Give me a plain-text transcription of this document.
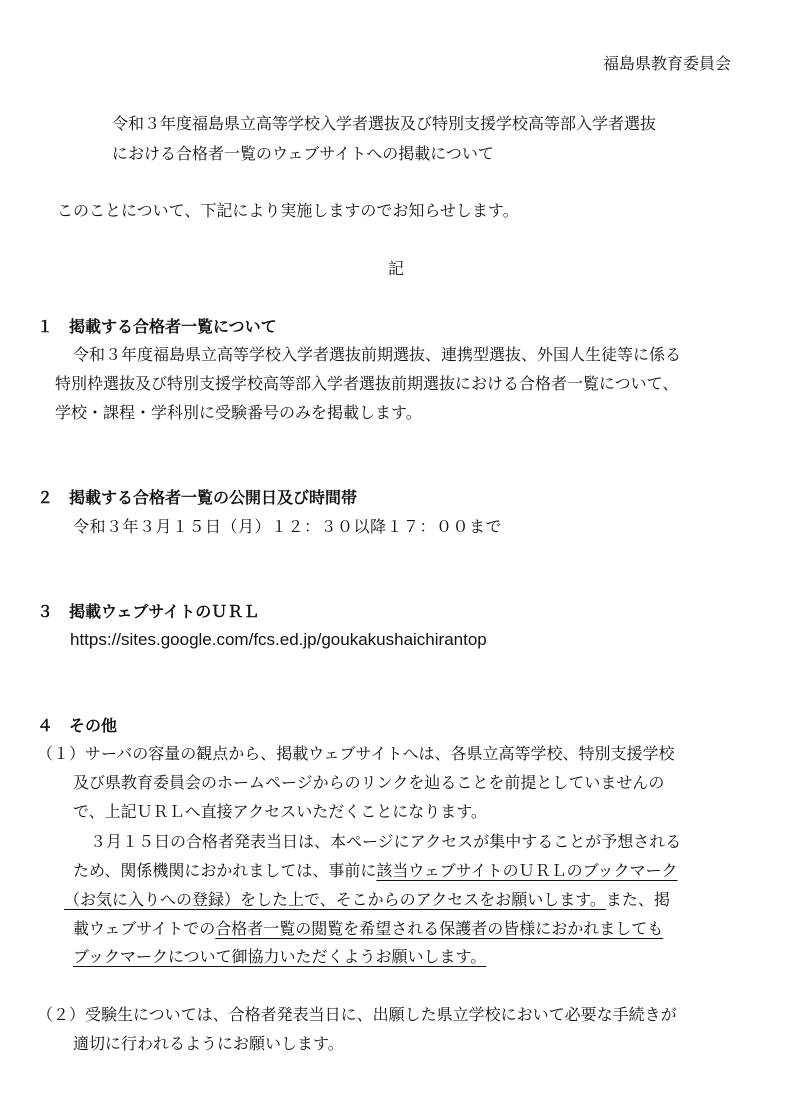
福島県教育委員会
令和３年度福島県立高等学校入学者選抜及び特別支援学校高等部入学者選抜
における合格者一覧のウェブサイトへの掲載について
このことについて、下記により実施しますのでお知らせします。
記
１　掲載する合格者一覧について
令和３年度福島県立高等学校入学者選抜前期選抜、連携型選抜、外国人生徒等に係る
特別枠選抜及び特別支援学校高等部入学者選抜前期選抜における合格者一覧について、
学校・課程・学科別に受験番号のみを掲載します。
２　掲載する合格者一覧の公開日及び時間帯
令和３年３月１５日（月）１２：３０以降１７：００まで
３　掲載ウェブサイトのＵＲＬ
https://sites.google.com/fcs.ed.jp/goukakushaichirantop
４　その他
（１）サーバの容量の観点から、掲載ウェブサイトへは、各県立高等学校、特別支援学校
及び県教育委員会のホームページからのリンクを辿ることを前提としていませんの
で、上記ＵＲＬへ直接アクセスいただくことになります。
３月１５日の合格者発表当日は、本ページにアクセスが集中することが予想される
ため、関係機関におかれましては、事前に該当ウェブサイトのＵＲＬのブックマーク
（お気に入りへの登録）をした上で、そこからのアクセスをお願いします。また、掲
載ウェブサイトでの合格者一覧の閲覧を希望される保護者の皆様におかれましても
ブックマークについて御協力いただくようお願いします。
（２）受験生については、合格者発表当日に、出願した県立学校において必要な手続きが
適切に行われるようにお願いします。
